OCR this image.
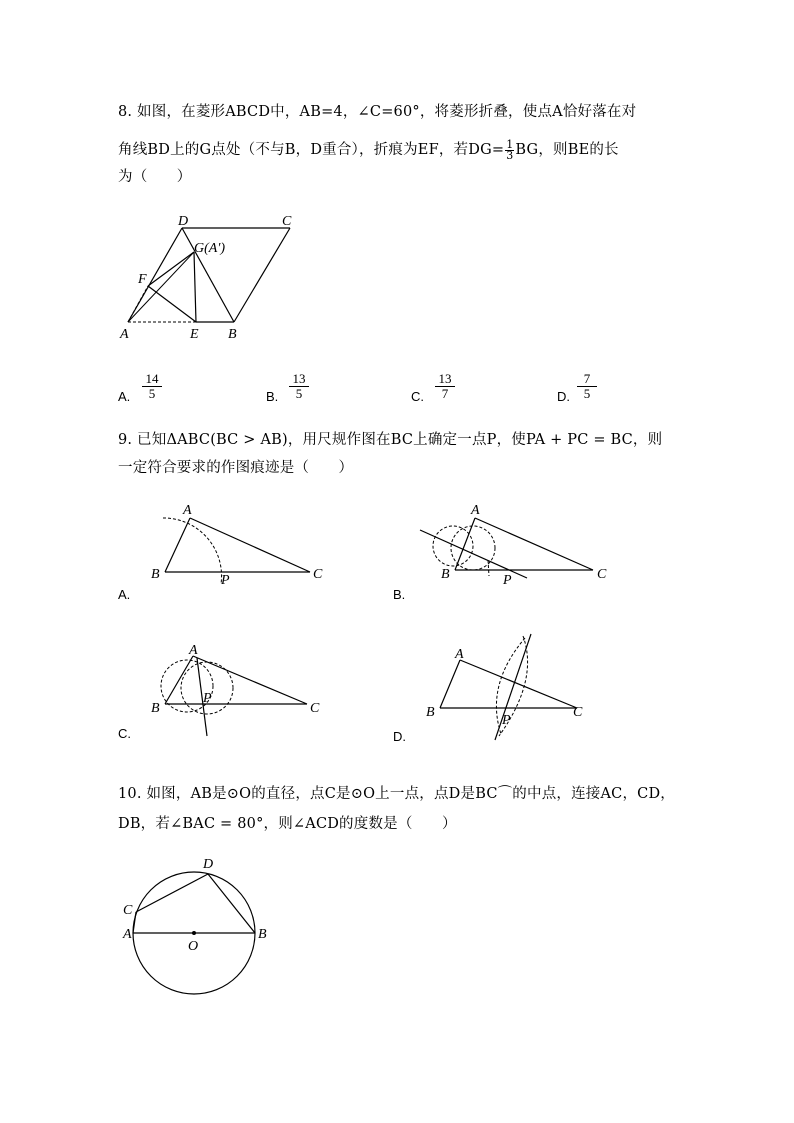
8. 如图，在菱形ABCD中，AB=4，∠C=60°，将菱形折叠，使点A恰好落在对
角线BD上的G点处（不与B，D重合），折痕为EF，若$DG= \frac{1}{3}$ BG，则BE的长
为（　　）
A	B
C
D
E
F
G(A′)
A. $\frac{14}{5}$	B. $\frac{13}{5}$	C. $\frac{13}{7}$	D. $\frac{7}{5}$
9. 已知ΔABC(BC > AB)，用尺规作图在BC上确定一点P，使PA + PC = BC，则
一定符合要求的作图痕迹是（　　）
A
B	C
P
A.
A
B	C
P
B.
A
B	C
P
C.
A
B	C
P
D.
10. 如图，AB是⊙O的直径，点C是⊙O上一点，点D是BC⌒的中点，连接AC，CD，
DB，若∠BAC = 80°，则∠ACD的度数是（　　）
A	B
C
D
O
